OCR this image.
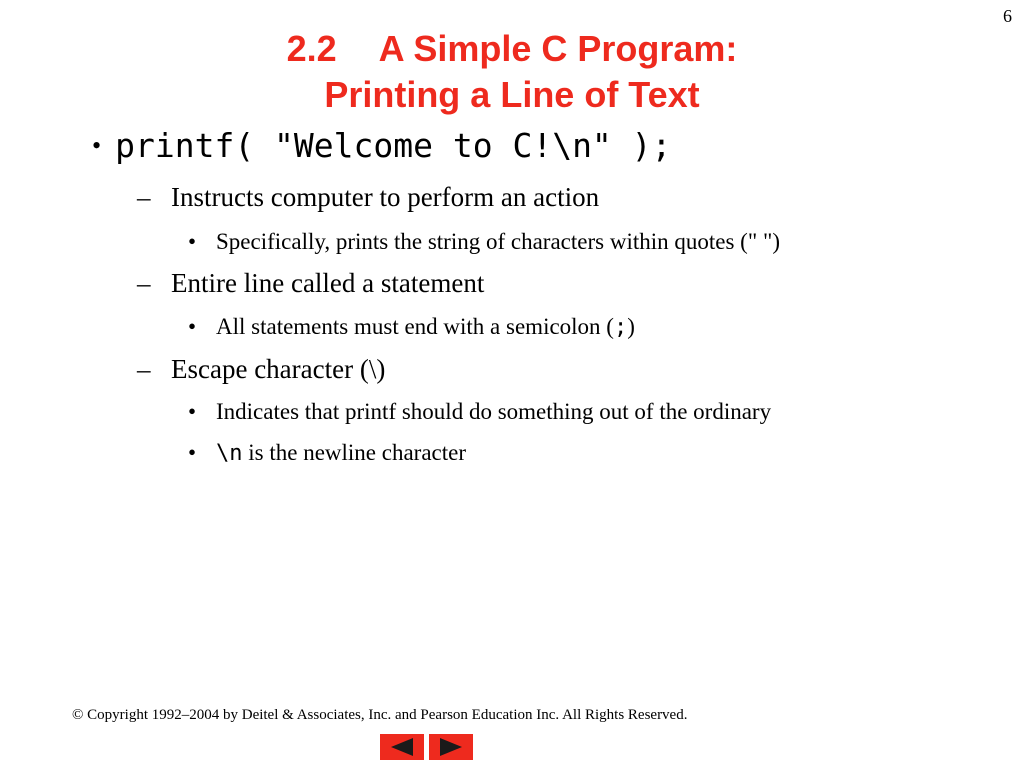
6
2.2 A Simple C Program:
Printing a Line of Text
• printf( "Welcome to C!\n" );
– Instructs computer to perform an action
• Specifically, prints the string of characters within quotes (" ")
– Entire line called a statement
• All statements must end with a semicolon (;)
– Escape character (\)
• Indicates that printf should do something out of the ordinary
• \n is the newline character
© Copyright 1992–2004 by Deitel & Associates, Inc. and Pearson Education Inc. All Rights Reserved.
